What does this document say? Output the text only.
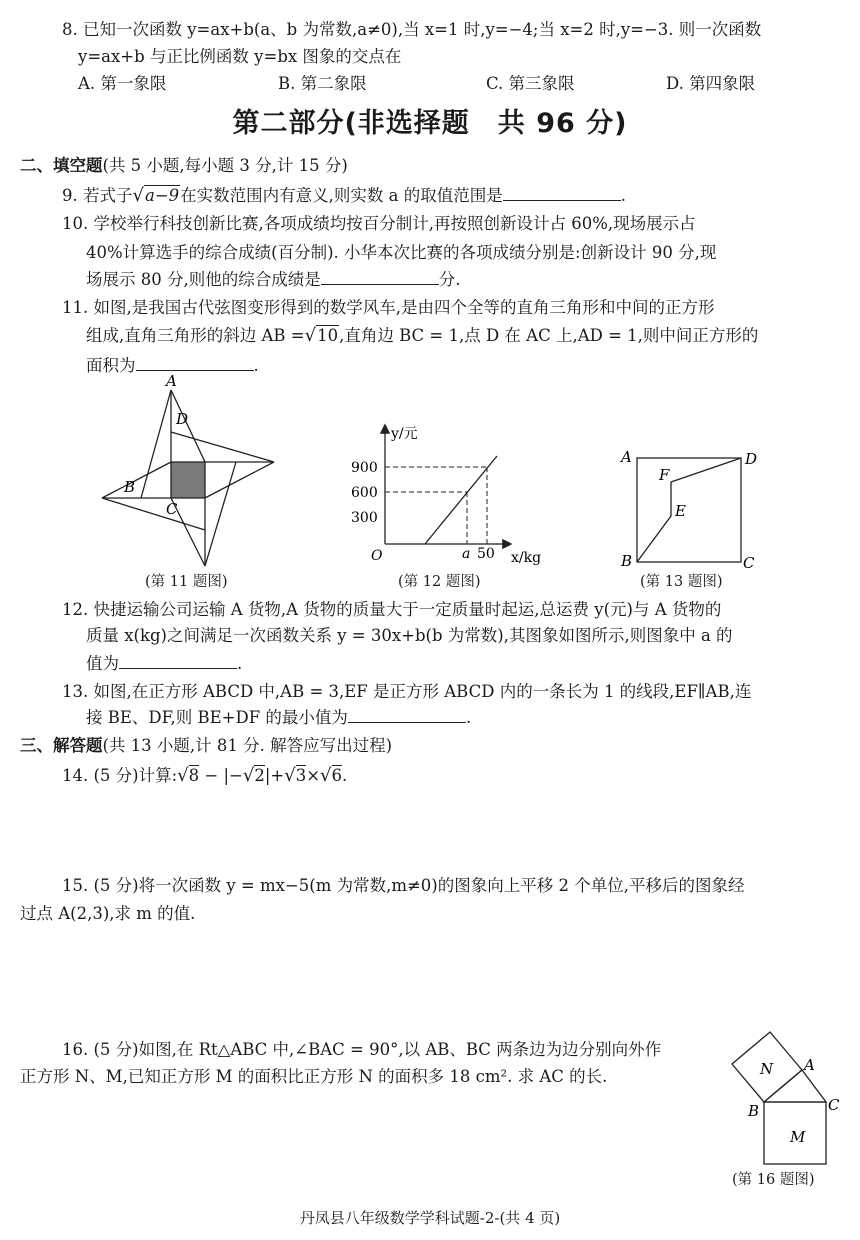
8. 已知一次函数 y=ax+b(a、b 为常数,a≠0),当 x=1 时,y=−4;当 x=2 时,y=−3. 则一次函数
y=ax+b 与正比例函数 y=bx 图象的交点在
A. 第一象限	B. 第二象限	C. 第三象限	D. 第四象限
第二部分(非选择题　共 96 分)
二、填空题(共 5 小题,每小题 3 分,计 15 分)
9. 若式子√a−9在实数范围内有意义,则实数 a 的取值范围是	.
10. 学校举行科技创新比赛,各项成绩均按百分制计,再按照创新设计占 60%,现场展示占
40%计算选手的综合成绩(百分制). 小华本次比赛的各项成绩分别是:创新设计 90 分,现
场展示 80 分,则他的综合成绩是	分.
11. 如图,是我国古代弦图变形得到的数学风车,是由四个全等的直角三角形和中间的正方形
组成,直角三角形的斜边 AB =√10,直角边 BC = 1,点 D 在 AC 上,AD = 1,则中间正方形的
面积为	.
A
D
B
C
(第 11 题图)
y/元
x/kg
O
900
600
300
a 50
(第 12 题图)
A	D
F
E
B	C
(第 13 题图)
12. 快捷运输公司运输 A 货物,A 货物的质量大于一定质量时起运,总运费 y(元)与 A 货物的
质量 x(kg)之间满足一次函数关系 y = 30x+b(b 为常数),其图象如图所示,则图象中 a 的
值为	.
13. 如图,在正方形 ABCD 中,AB = 3,EF 是正方形 ABCD 内的一条长为 1 的线段,EF∥AB,连
接 BE、DF,则 BE+DF 的最小值为	.
三、解答题(共 13 小题,计 81 分. 解答应写出过程)
14. (5 分)计算:√8 − |−√2|+√3×√6.
15. (5 分)将一次函数 y = mx−5(m 为常数,m≠0)的图象向上平移 2 个单位,平移后的图象经
过点 A(2,3),求 m 的值.
16. (5 分)如图,在 Rt△ABC 中,∠BAC = 90°,以 AB、BC 两条边为边分别向外作
正方形 N、M,已知正方形 M 的面积比正方形 N 的面积多 18 cm². 求 AC 的长.	N A
B	C
M
(第 16 题图)
丹凤县八年级数学学科试题-2-(共 4 页)
